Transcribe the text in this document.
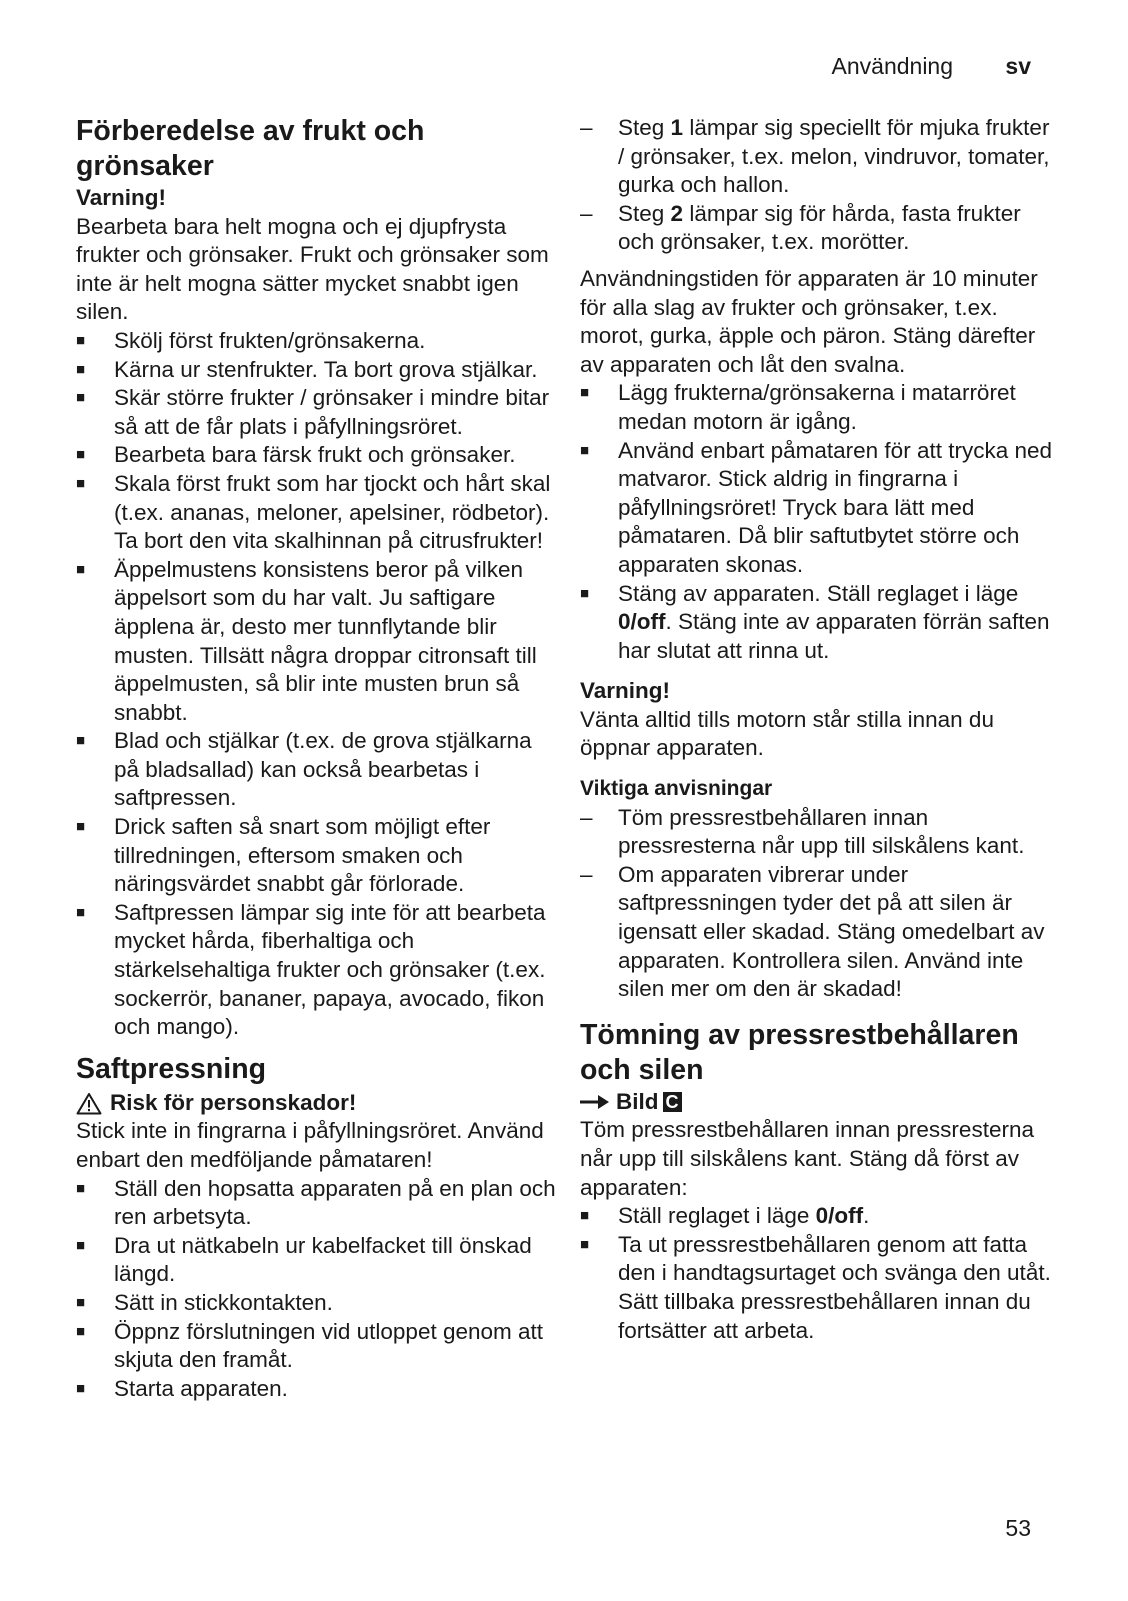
Användning sv
Förberedelse av frukt och grönsaker

Varning!

Bearbeta bara helt mogna och ej djupfrysta frukter och grönsaker. Frukt och grönsaker som inte är helt mogna sätter mycket snabbt igen silen.

■ Skölj först frukten/grönsakerna.
■ Kärna ur stenfrukter. Ta bort grova stjälkar.
■ Skär större frukter / grönsaker i mindre bitar så att de får plats i påfyllningsröret.
■ Bearbeta bara färsk frukt och grönsaker.
■ Skala först frukt som har tjockt och hårt skal (t.ex. ananas, meloner, apelsiner, rödbetor). Ta bort den vita skalhinnan på citrusfrukter!
■ Äppelmustens konsistens beror på vilken äppelsort som du har valt. Ju saftigare äpplena är, desto mer tunnflytande blir musten. Tillsätt några droppar citronsaft till äppelmusten, så blir inte musten brun så snabbt.
■ Blad och stjälkar (t.ex. de grova stjälkarna på bladsallad) kan också bearbetas i saftpressen.
■ Drick saften så snart som möjligt efter tillredningen, eftersom smaken och näringsvärdet snabbt går förlorade.
■ Saftpressen lämpar sig inte för att bearbeta mycket hårda, fiberhaltiga och stärkelsehaltiga frukter och grönsaker (t.ex. sockerrör, bananer, papaya, avocado, fikon och mango).
Saftpressning
Risk för personskador!

Stick inte in fingrarna i påfyllningsröret. Använd enbart den medföljande påmataren!

■ Ställ den hopsatta apparaten på en plan och ren arbetsyta.
■ Dra ut nätkabeln ur kabelfacket till önskad längd.
■ Sätt in stickkontakten.
■ Öppnz förslutningen vid utloppet genom att skjuta den framåt.
■ Starta apparaten.
– Steg 1 lämpar sig speciellt för mjuka frukter / grönsaker, t.ex. melon, vindruvor, tomater, gurka och hallon.
– Steg 2 lämpar sig för hårda, fasta frukter och grönsaker, t.ex. morötter.

Användningstiden för apparaten är 10 minuter för alla slag av frukter och grönsaker, t.ex. morot, gurka, äpple och päron. Stäng därefter av apparaten och låt den svalna.

■ Lägg frukterna/grönsakerna i matarröret medan motorn är igång.
■ Använd enbart påmataren för att trycka ned matvaror. Stick aldrig in fingrarna i påfyllningsröret! Tryck bara lätt med påmataren. Då blir saftutbytet större och apparaten skonas.
■ Stäng av apparaten. Ställ reglaget i läge 0/off. Stäng inte av apparaten förrän saften har slutat att rinna ut.

Varning!

Vänta alltid tills motorn står stilla innan du öppnar apparaten.

Viktiga anvisningar

– Töm pressrestbehållaren innan pressresterna når upp till silskålens kant.
– Om apparaten vibrerar under saftpressningen tyder det på att silen är igensatt eller skadad. Stäng omedelbart av apparaten. Kontrollera silen. Använd inte silen mer om den är skadad!
Tömning av pressrestbehållaren och silen
Bild C

Töm pressrestbehållaren innan pressresterna når upp till silskålens kant. Stäng då först av apparaten:

■ Ställ reglaget i läge 0/off.
■ Ta ut pressrestbehållaren genom att fatta den i handtagsurtaget och svänga den utåt. Sätt tillbaka pressrestbehållaren innan du fortsätter att arbeta.
53
